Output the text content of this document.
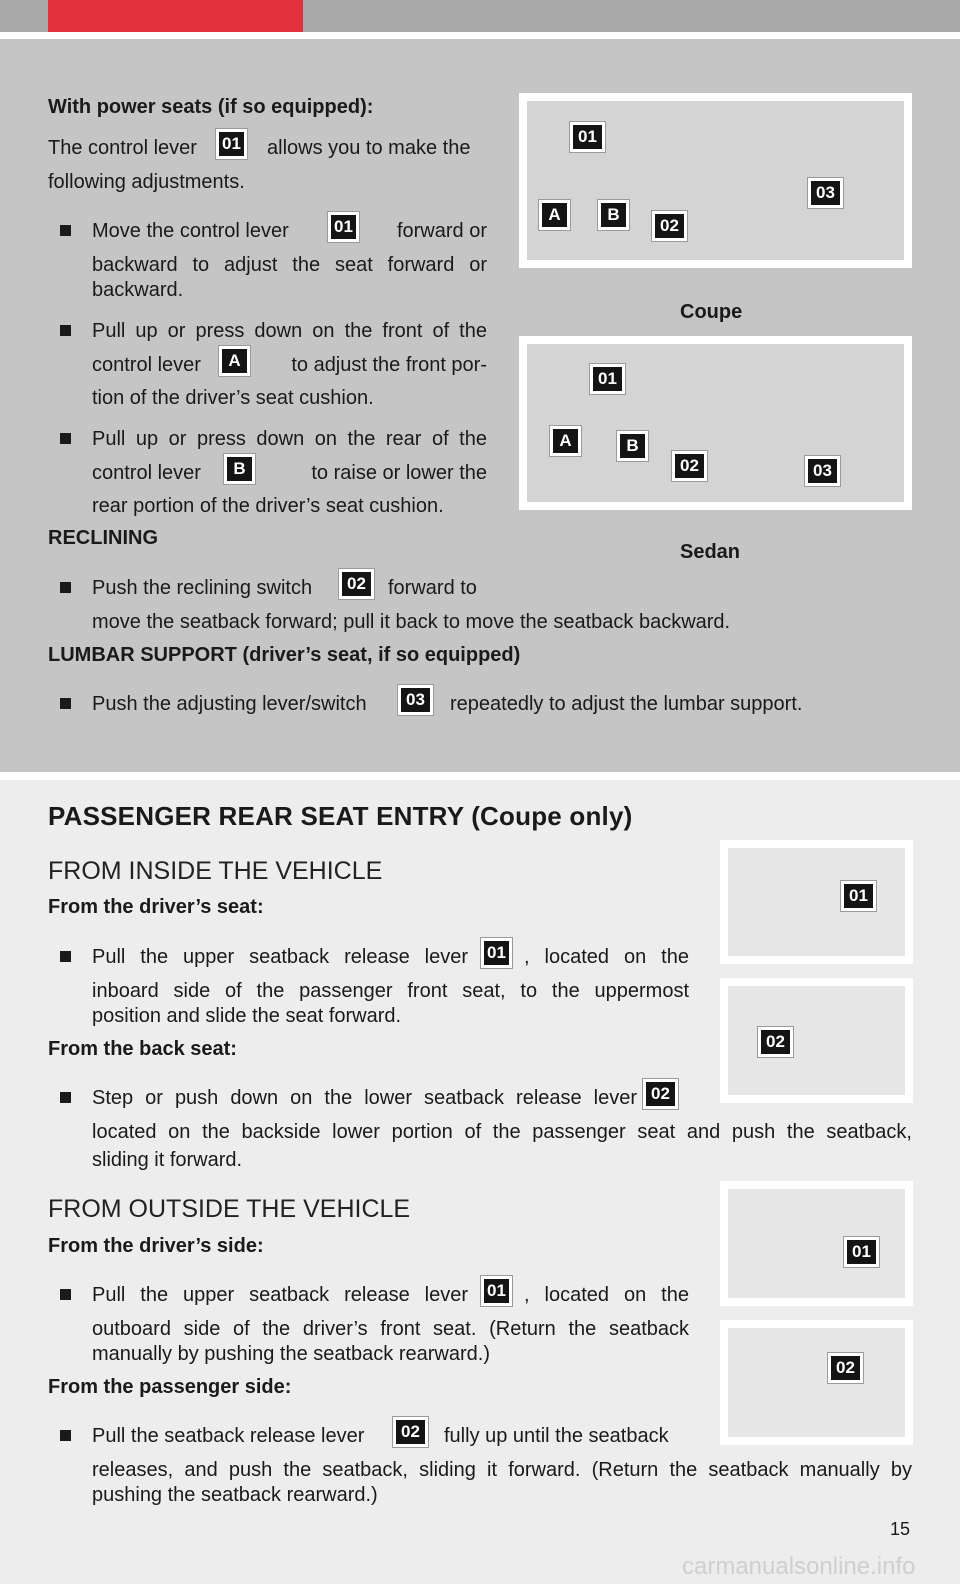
With power seats (if so equipped):
The control lever	01	allows you to make the
following adjustments.
Move the control lever	01	forward or
backward to adjust the seat forward or
backward.
Pull up or press down on the front of the
control lever	A	to adjust the front por-
tion of the driver’s seat cushion.
Pull up or press down on the rear of the
control lever	B	to raise or lower the
rear portion of the driver’s seat cushion.
RECLINING
Push the reclining switch	02	forward to
move the seatback forward; pull it back to move the seatback backward.
LUMBAR SUPPORT (driver’s seat, if so equipped)
Push the adjusting lever/switch	03	repeatedly to adjust the lumbar support.
01
03
A	B
02
Coupe
01
A	B
02	03
Sedan
PASSENGER REAR SEAT ENTRY (Coupe only)
FROM INSIDE THE VEHICLE
From the driver’s seat:
Pull the upper seatback release lever	01 , located on the
inboard side of the passenger front seat, to the uppermost
position and slide the seat forward.
From the back seat:
Step or push down on the lower seatback release lever 02
located on the backside lower portion of the passenger seat and push the seatback,
sliding it forward.
FROM OUTSIDE THE VEHICLE
From the driver’s side:
Pull the upper seatback release lever	01 , located on the
outboard side of the driver’s front seat. (Return the seatback
manually by pushing the seatback rearward.)
From the passenger side:
Pull the seatback release lever	02	fully up until the seatback
releases, and push the seatback, sliding it forward. (Return the seatback manually by
pushing the seatback rearward.)
01
02
01
02
15
carmanualsonline.info
